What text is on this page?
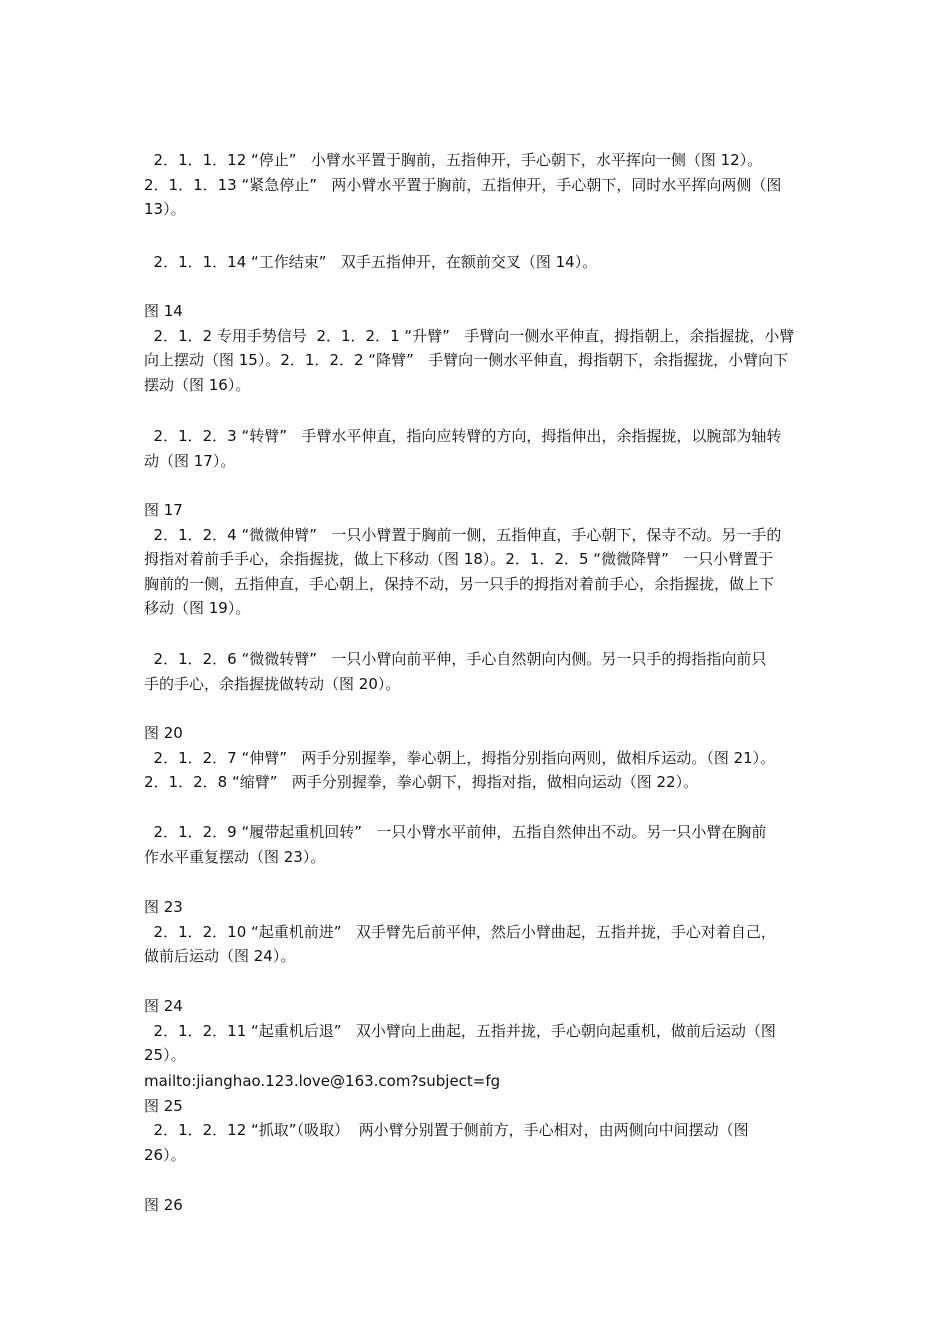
2．1．1．12 “停止”   小臂水平置于胸前，五指伸开，手心朝下，水平挥向一侧（图 12）。

2．1．1．13 “紧急停止”   两小臂水平置于胸前，五指伸开，手心朝下，同时水平挥向两侧（图

13）。

2．1．1．14 “工作结束”   双手五指伸开，在额前交叉（图 14）。

图 14

2．1．2 专用手势信号  2．1．2．1 “升臂”   手臂向一侧水平伸直，拇指朝上，余指握拢，小臂

向上摆动（图 15）。2．1．2．2 “降臂”   手臂向一侧水平伸直，拇指朝下，余指握拢，小臂向下

摆动（图 16）。

2．1．2．3 “转臂”   手臂水平伸直，指向应转臂的方向，拇指伸出，余指握拢，以腕部为轴转

动（图 17）。

图 17

2．1．2．4 “微微伸臂”   一只小臂置于胸前一侧，五指伸直，手心朝下，保寺不动。另一手的

拇指对着前手手心，余指握拢，做上下移动（图 18）。2．1．2．5 “微微降臂”   一只小臂置于

胸前的一侧，五指伸直，手心朝上，保持不动，另一只手的拇指对着前手心，余指握拢，做上下

移动（图 19）。

2．1．2．6 “微微转臂”   一只小臂向前平伸，手心自然朝向内侧。另一只手的拇指指向前只

手的手心，余指握拢做转动（图 20）。

图 20

2．1．2．7 “伸臂”   两手分别握拳，拳心朝上，拇指分别指向两则，做相斥运动。（图 21）。

2．1．2．8 “缩臂”   两手分别握拳，拳心朝下，拇指对指，做相向运动（图 22）。

2．1．2．9 “履带起重机回转”   一只小臂水平前伸，五指自然伸出不动。另一只小臂在胸前

作水平重复摆动（图 23）。

图 23

2．1．2．10 “起重机前进”   双手臂先后前平伸，然后小臂曲起，五指并拢，手心对着自己，

做前后运动（图 24）。

图 24

2．1．2．11 “起重机后退”   双小臂向上曲起，五指并拢，手心朝向起重机，做前后运动（图

25）。

mailto:jianghao.123.love@163.com?subject=fg

图 25

2．1．2．12 “抓取”（吸取）  两小臂分别置于侧前方，手心相对，由两侧向中间摆动（图

26）。

图 26
